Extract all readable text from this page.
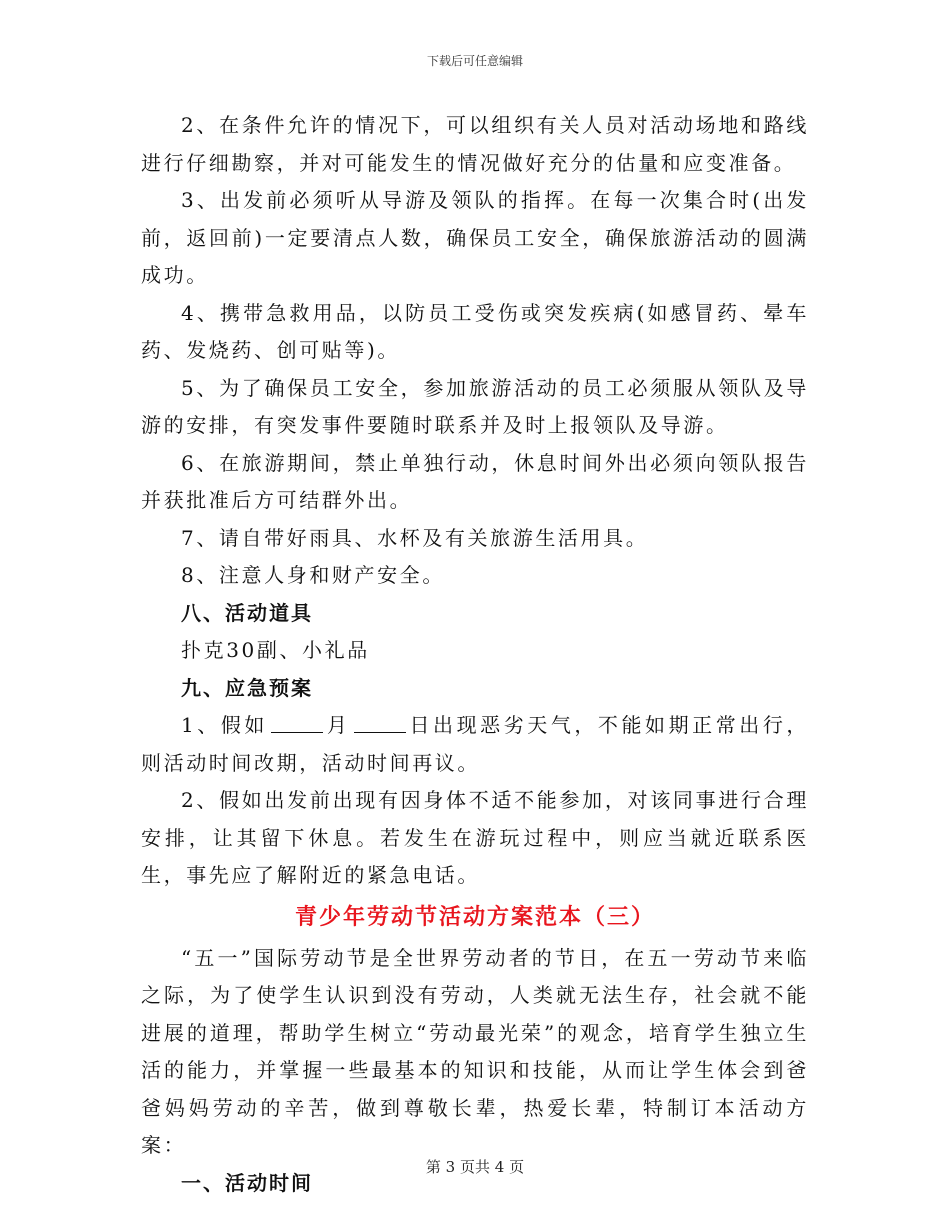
下载后可任意编辑

2、在条件允许的情况下，可以组织有关人员对活动场地和路线进行仔细勘察，并对可能发生的情况做好充分的估量和应变准备。

3、出发前必须听从导游及领队的指挥。在每一次集合时(出发前，返回前)一定要清点人数，确保员工安全，确保旅游活动的圆满成功。

4、携带急救用品，以防员工受伤或突发疾病(如感冒药、晕车药、发烧药、创可贴等)。

5、为了确保员工安全，参加旅游活动的员工必须服从领队及导游的安排，有突发事件要随时联系并及时上报领队及导游。

6、在旅游期间，禁止单独行动，休息时间外出必须向领队报告并获批准后方可结群外出。

7、请自带好雨具、水杯及有关旅游生活用具。

8、注意人身和财产安全。

八、活动道具

扑克30副、小礼品

九、应急预案

1、假如	月	日出现恶劣天气，不能如期正常出行，则活动时间改期，活动时间再议。

2、假如出发前出现有因身体不适不能参加，对该同事进行合理安排，让其留下休息。若发生在游玩过程中，则应当就近联系医生，事先应了解附近的紧急电话。

青少年劳动节活动方案范本（三）

“五一”国际劳动节是全世界劳动者的节日，在五一劳动节来临之际，为了使学生认识到没有劳动，人类就无法生存，社会就不能进展的道理，帮助学生树立“劳动最光荣”的观念，培育学生独立生活的能力，并掌握一些最基本的知识和技能，从而让学生体会到爸爸妈妈劳动的辛苦，做到尊敬长辈，热爱长辈，特制订本活动方案：

一、活动时间

第 3 页共 4 页
